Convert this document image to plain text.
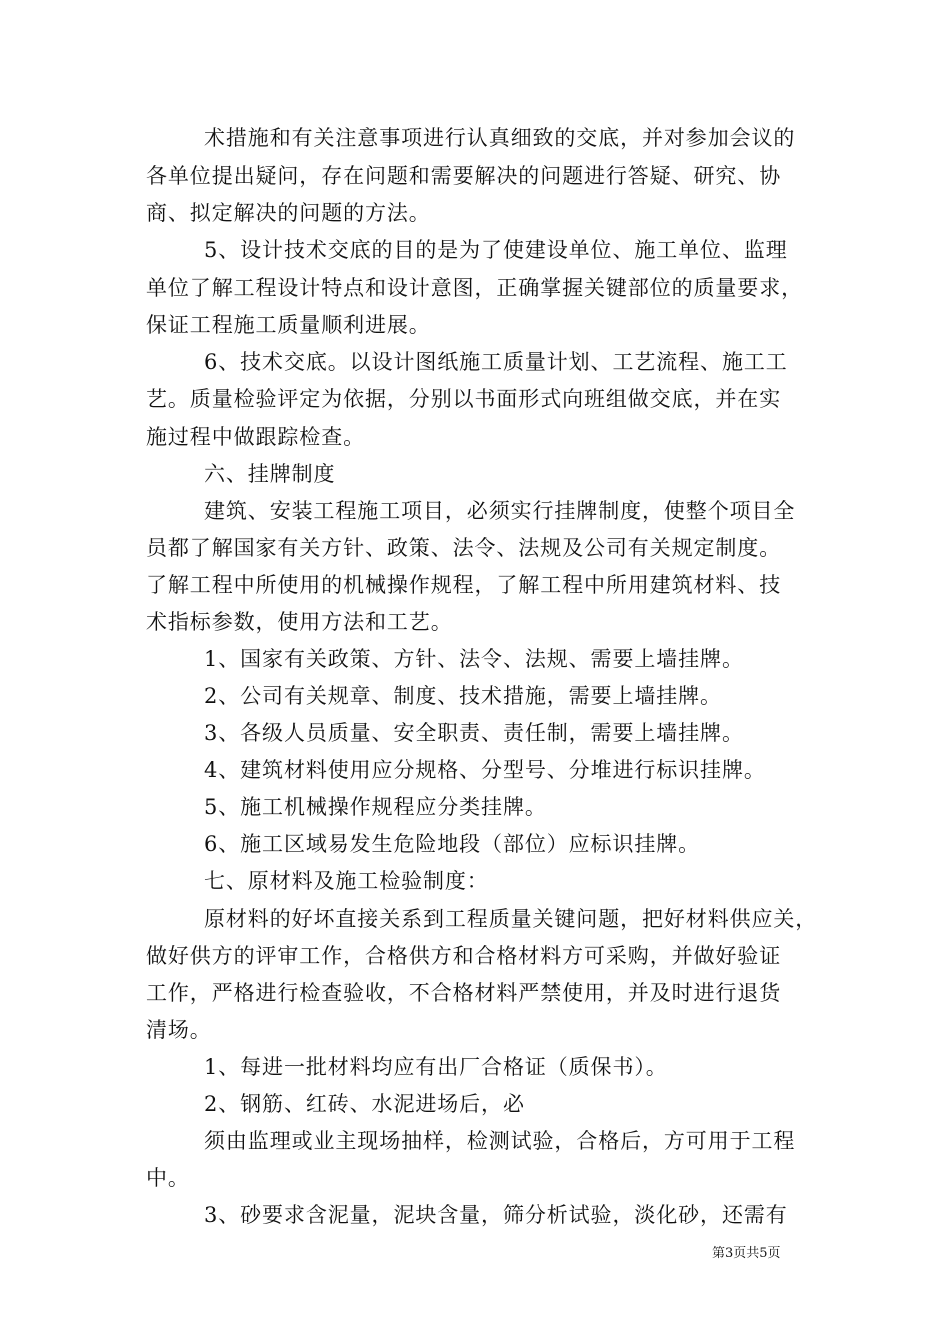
术措施和有关注意事项进行认真细致的交底，并对参加会议的
各单位提出疑问，存在问题和需要解决的问题进行答疑、研究、协
商、拟定解决的问题的方法。
5、设计技术交底的目的是为了使建设单位、施工单位、监理
单位了解工程设计特点和设计意图，正确掌握关键部位的质量要求，
保证工程施工质量顺利进展。
6、技术交底。以设计图纸施工质量计划、工艺流程、施工工
艺。质量检验评定为依据，分别以书面形式向班组做交底，并在实
施过程中做跟踪检查。
六、挂牌制度
建筑、安装工程施工项目，必须实行挂牌制度，使整个项目全
员都了解国家有关方针、政策、法令、法规及公司有关规定制度。
了解工程中所使用的机械操作规程，了解工程中所用建筑材料、技
术指标参数，使用方法和工艺。
1、国家有关政策、方针、法令、法规、需要上墙挂牌。
2、公司有关规章、制度、技术措施，需要上墙挂牌。
3、各级人员质量、安全职责、责任制，需要上墙挂牌。
4、建筑材料使用应分规格、分型号、分堆进行标识挂牌。
5、施工机械操作规程应分类挂牌。
6、施工区域易发生危险地段（部位）应标识挂牌。
七、原材料及施工检验制度：
原材料的好坏直接关系到工程质量关键问题，把好材料供应关，
做好供方的评审工作，合格供方和合格材料方可采购，并做好验证
工作，严格进行检查验收，不合格材料严禁使用，并及时进行退货
清场。
1、每进一批材料均应有出厂合格证（质保书）。
2、钢筋、红砖、水泥进场后，必
须由监理或业主现场抽样，检测试验，合格后，方可用于工程
中。
3、砂要求含泥量，泥块含量，筛分析试验，淡化砂，还需有
第3页共5页
